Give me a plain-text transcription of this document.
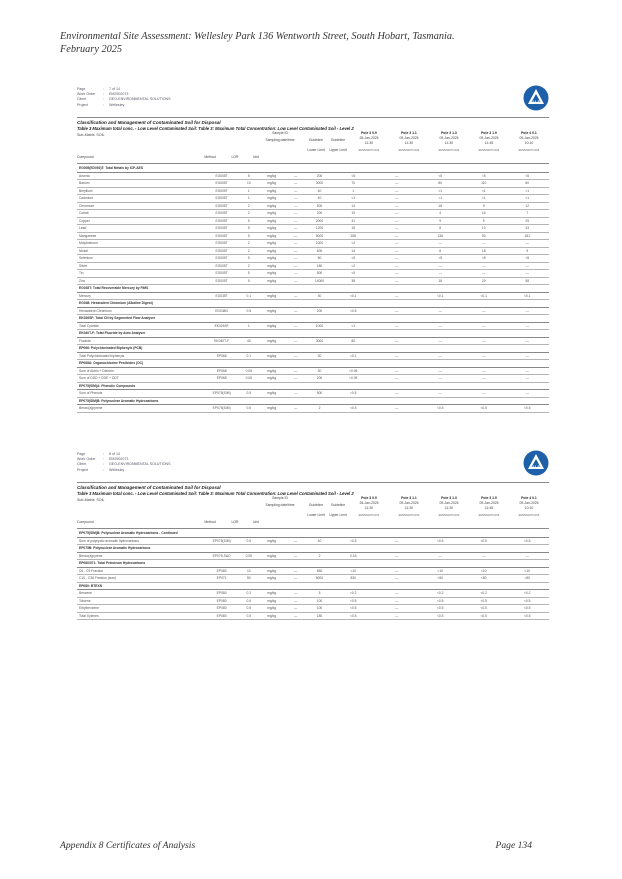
Environmental Site Assessment: Wellesley Park 136 Wentworth Street, South Hobart, Tasmania.
February 2025
Page	:	7 of 14
Work Order	:	EM2502073
Client	:	GEO-ENVIRONMENTAL SOLUTIONS
Project	:	Wellesley
ALS
Classification and Management of Contaminated Soil for Disposal
Table 3 Maximum total conc. - Low Level Contaminated Soil: Table 3: Maximum Total Concentration: Low Level Contaminated Soil - Level 2
Sub-Matrix: SOIL	Sample ID
Sampling date/time	Guideline	Guideline
Lower Limit	Upper Limit
Pole 3 0.9
28-Jan-2025
11:30
EM2502073-001
Pole 3 1.1
09-Jan-2025
11:30
EM2502073-002
Pole 3 1.3
09-Jan-2025
11:30
EM2502073-003
Pole 3 1.9
09-Jan-2025
11:45
EM2502073-004
Pole 4 0.1
09-Jan-2025
10:10
EM2502073-005
Compound	Method	LOR	Unit
EG005(ED093)T: Total Metals by ICP-AES										
Arsenic	EG005T	5	mg/kg	—	200	<5	—	<5	<5	<5
Barium	EG005T	10	mg/kg	—	3000	70	—	80	110	60
Beryllium	EG005T	1	mg/kg	—	40	1	—	<1	<1	<1
Cadmium	EG005T	1	mg/kg	—	40	<1	—	<1	<1	<1
Chromium	EG005T	2	mg/kg	—	500	14	—	18	9	12
Cobalt	EG005T	2	mg/kg	—	200	19	—	4	16	7
Copper	EG005T	5	mg/kg	—	2000	31	—	9	5	25
Lead	EG005T	5	mg/kg	—	1200	18	—	8	10	33
Manganese	EG005T	5	mg/kg	—	5000	158	—	136	50	181
Molybdenum	EG005T	2	mg/kg	—	1000	<2	—	—	—	—
Nickel	EG005T	2	mg/kg	—	600	14	—	8	18	9
Selenium	EG005T	5	mg/kg	—	50	<5	—	<5	<5	<5
Silver	EG005T	2	mg/kg	—	180	<2	—	—	—	—
Tin	EG005T	5	mg/kg	—	500	<5	—	—	—	—
Zinc	EG005T	5	mg/kg	—	14000	38	—	18	29	58
EG035T: Total Recoverable Mercury by FIMS										
Mercury	EG035T	0.1	mg/kg	—	30	<0.1	—	<0.1	<0.1	<0.1
EG048: Hexavalent Chromium (Alkaline Digest)										
Hexavalent Chromium	EG048G	0.5	mg/kg	—	200	<0.5	—	—	—	—
EK026SF: Total CN by Segmented Flow Analyser										
Total Cyanide	EK026SF	1	mg/kg	—	1000	<1	—	—	—	—
EK040T-F: Total Fluoride by Auto Analyser										
Fluoride	EK040T-F	40	mg/kg	—	3000	80	—	—	—	—
EP066: Polychlorinated Biphenyls (PCB)										
Total Polychlorinated biphenyls	EP066	0.1	mg/kg	—	30	<0.1	—	—	—	—
EP068A: Organochlorine Pesticides (OC)										
Sum of Aldrin + Dieldrin	EP068	0.05	mg/kg	—	30	<0.05	—	—	—	—
Sum of DDD + DDE + DDT	EP068	0.05	mg/kg	—	200	<0.05	—	—	—	—
EP075(SIM)A: Phenolic Compounds										
Sum of Phenols	EP075(SIM)	0.5	mg/kg	—	500	<0.5	—	—	—	—
EP075(SIM)B: Polynuclear Aromatic Hydrocarbons										
Benzo(a)pyrene	EP075(SIM)	0.5	mg/kg	—	2	<0.5	—	<0.5	<0.5	<0.5
Page	:	8 of 14
Work Order	:	EM2502073
Client	:	GEO-ENVIRONMENTAL SOLUTIONS
Project	:	Wellesley
ALS
Classification and Management of Contaminated Soil for Disposal
Table 3 Maximum total conc. - Low Level Contaminated Soil: Table 3: Maximum Total Concentration: Low Level Contaminated Soil - Level 2
Sub-Matrix: SOIL	Sample ID
Sampling date/time	Guideline	Guideline
Lower Limit	Upper Limit
Pole 3 0.9
28-Jan-2025
11:30
EM2502073-001
Pole 3 1.1
09-Jan-2025
11:30
EM2502073-002
Pole 3 1.3
09-Jan-2025
11:30
EM2502073-003
Pole 3 1.9
09-Jan-2025
11:45
EM2502073-004
Pole 4 0.1
09-Jan-2025
10:10
EM2502073-005
Compound	Method	LOR	Unit
EP075(SIM)B: Polynuclear Aromatic Hydrocarbons - Continued										
Sum of polycyclic aromatic hydrocarbons	EP075(SIM)	0.5	mg/kg	—	40	<0.5	—	<0.5	<0.5	<0.5
EP075B: Polynuclear Aromatic Hydrocarbons										
Benzo(a)pyrene	EP075-SAO	0.05	mg/kg	—	2	0.18	—	—	—	—
EP080/071: Total Petroleum Hydrocarbons										
C6 - C9 Fraction	EP080	10	mg/kg	—	650	<10	—	<10	<10	<10
C10 - C36 Fraction (sum)	EP071	50	mg/kg	—	5000	830	—	<50	<50	<50
EP080: BTEXN										
Benzene	EP080	0.2	mg/kg	—	5	<0.2	—	<0.2	<0.2	<0.2
Toluene	EP080	0.5	mg/kg	—	100	<0.5	—	<0.5	<0.5	<0.5
Ethylbenzene	EP080	0.5	mg/kg	—	100	<0.5	—	<0.5	<0.5	<0.5
Total Xylenes	EP080	0.5	mg/kg	—	180	<0.5	—	<0.5	<0.5	<0.5
Appendix 8 Certificates of Analysis	Page 134
